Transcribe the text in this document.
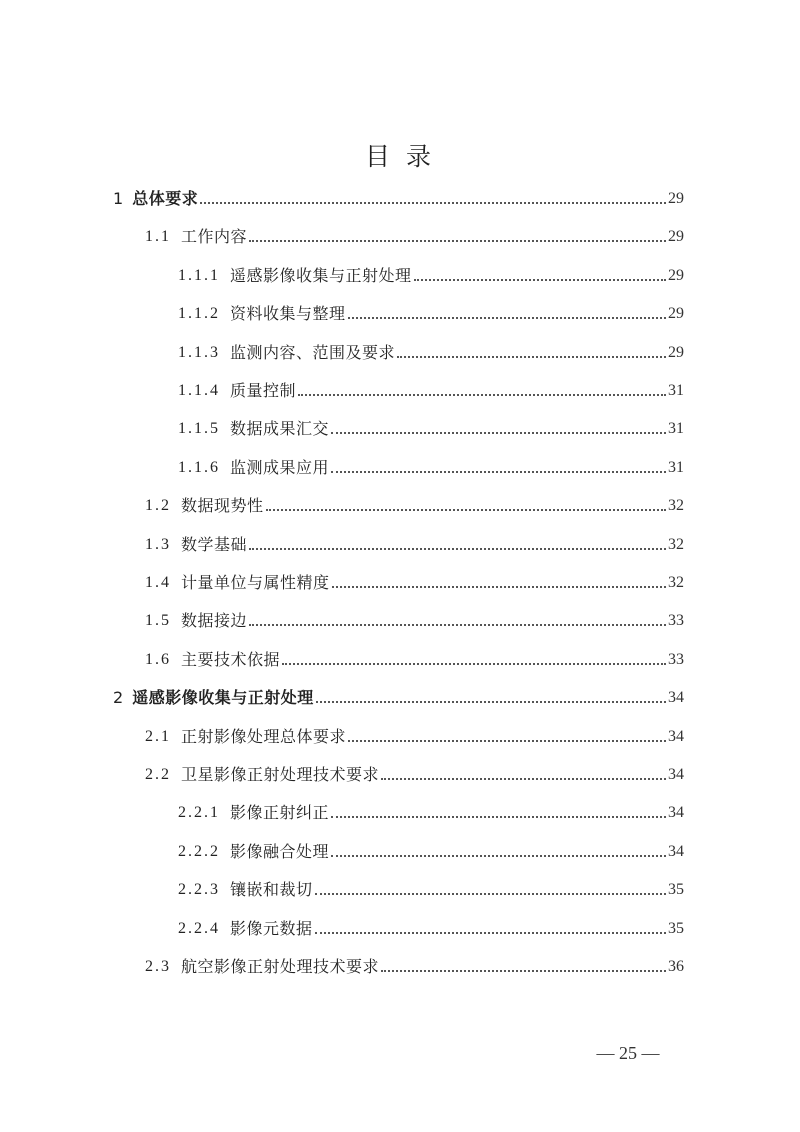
目 录
1 总体要求	29
1.1 工作内容	29
1.1.1 遥感影像收集与正射处理	29
1.1.2 资料收集与整理	29
1.1.3 监测内容、范围及要求	29
1.1.4 质量控制	31
1.1.5 数据成果汇交	31
1.1.6 监测成果应用	31
1.2 数据现势性	32
1.3 数学基础	32
1.4 计量单位与属性精度	32
1.5 数据接边	33
1.6 主要技术依据	33
2 遥感影像收集与正射处理	34
2.1 正射影像处理总体要求	34
2.2 卫星影像正射处理技术要求	34
2.2.1 影像正射纠正	34
2.2.2 影像融合处理	34
2.2.3 镶嵌和裁切	35
2.2.4 影像元数据	35
2.3 航空影像正射处理技术要求	36
— 25 —
